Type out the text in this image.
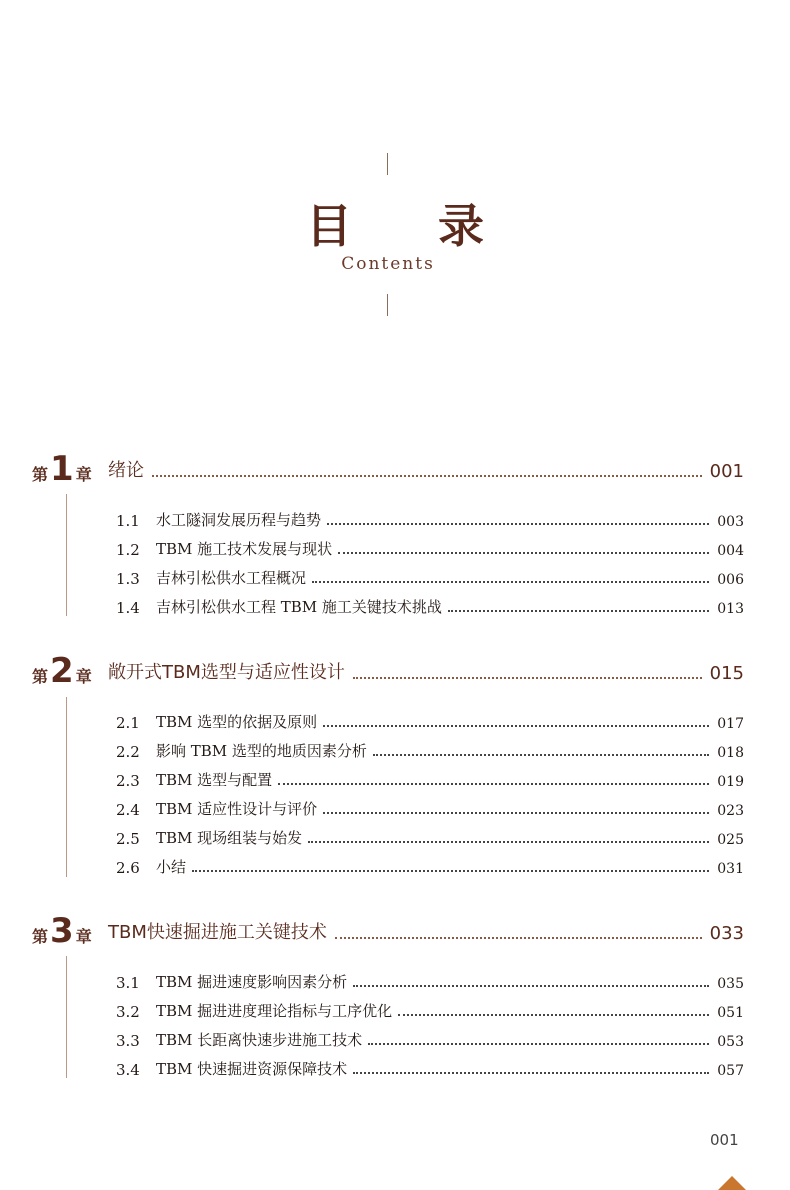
目录
Contents
第 1 章 绪论	001
1.1	水工隧洞发展历程与趋势	003
1.2	TBM 施工技术发展与现状	004
1.3	吉林引松供水工程概况	006
1.4	吉林引松供水工程 TBM 施工关键技术挑战	013
第 2 章 敞开式TBM选型与适应性设计	015
2.1	TBM 选型的依据及原则	017
2.2	影响 TBM 选型的地质因素分析	018
2.3	TBM 选型与配置	019
2.4	TBM 适应性设计与评价	023
2.5	TBM 现场组装与始发	025
2.6	小结	031
第 3 章 TBM快速掘进施工关键技术	033
3.1	TBM 掘进速度影响因素分析	035
3.2	TBM 掘进进度理论指标与工序优化	051
3.3	TBM 长距离快速步进施工技术	053
3.4	TBM 快速掘进资源保障技术	057
001
